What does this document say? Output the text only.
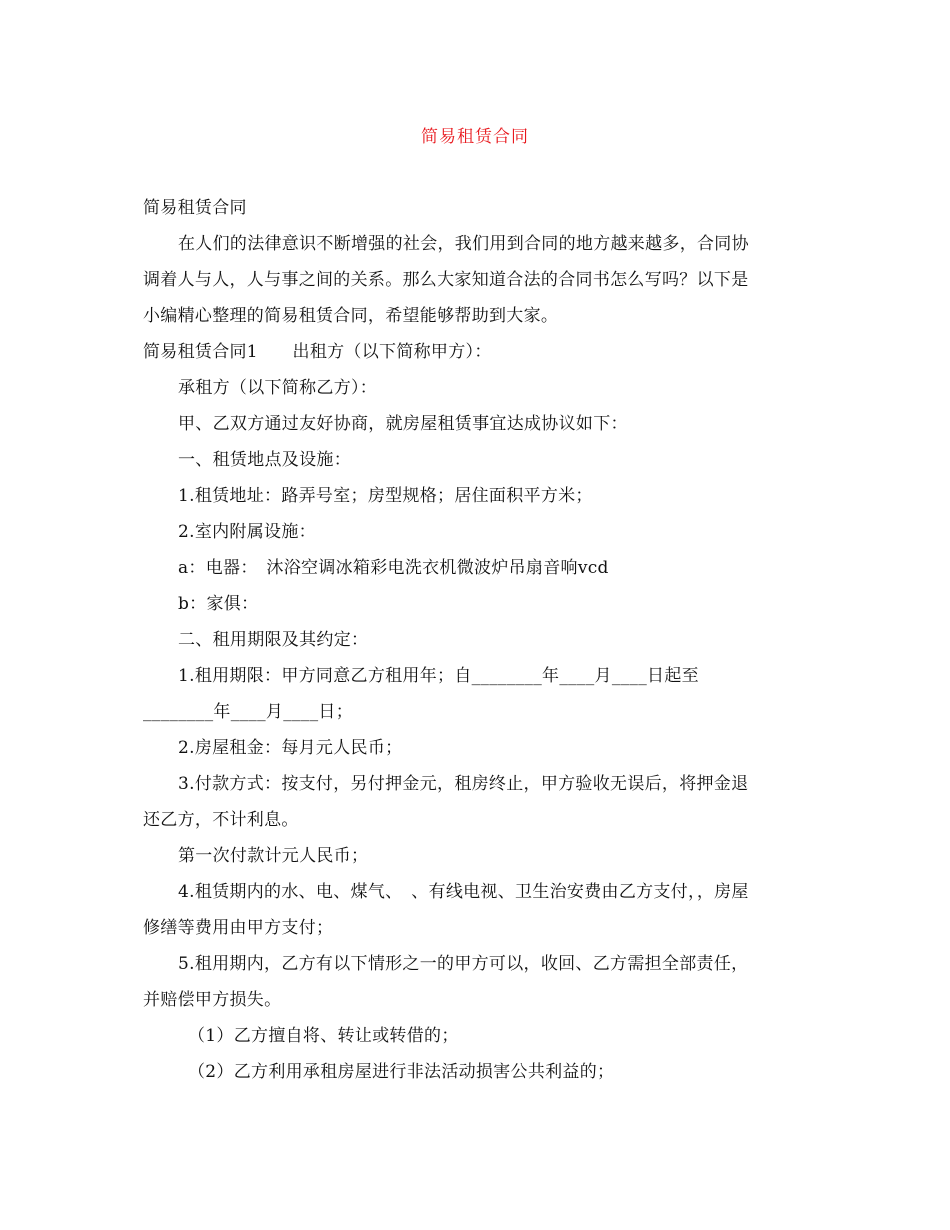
简易租赁合同
简易租赁合同
在人们的法律意识不断增强的社会，我们用到合同的地方越来越多，合同协
调着人与人，人与事之间的关系。那么大家知道合法的合同书怎么写吗？以下是
小编精心整理的简易租赁合同，希望能够帮助到大家。
简易租赁合同1　　出租方（以下简称甲方）：
承租方（以下简称乙方）：
甲、乙双方通过友好协商，就房屋租赁事宜达成协议如下：
一、租赁地点及设施：
1.租赁地址：路弄号室；房型规格；居住面积平方米；
2.室内附属设施：
a：电器：　沐浴空调冰箱彩电洗衣机微波炉吊扇音响vcd
b：家俱：
二、租用期限及其约定：
1.租用期限：甲方同意乙方租用年；自________年____月____日起至
________年____月____日；
2.房屋租金：每月元人民币；
3.付款方式：按支付，另付押金元，租房终止，甲方验收无误后，将押金退
还乙方，不计利息。
第一次付款计元人民币；
4.租赁期内的水、电、煤气、　、有线电视、卫生治安费由乙方支付，，房屋
修缮等费用由甲方支付；
5.租用期内，乙方有以下情形之一的甲方可以，收回、乙方需担全部责任，
并赔偿甲方损失。
（1）乙方擅自将、转让或转借的；
（2）乙方利用承租房屋进行非法活动损害公共利益的；
